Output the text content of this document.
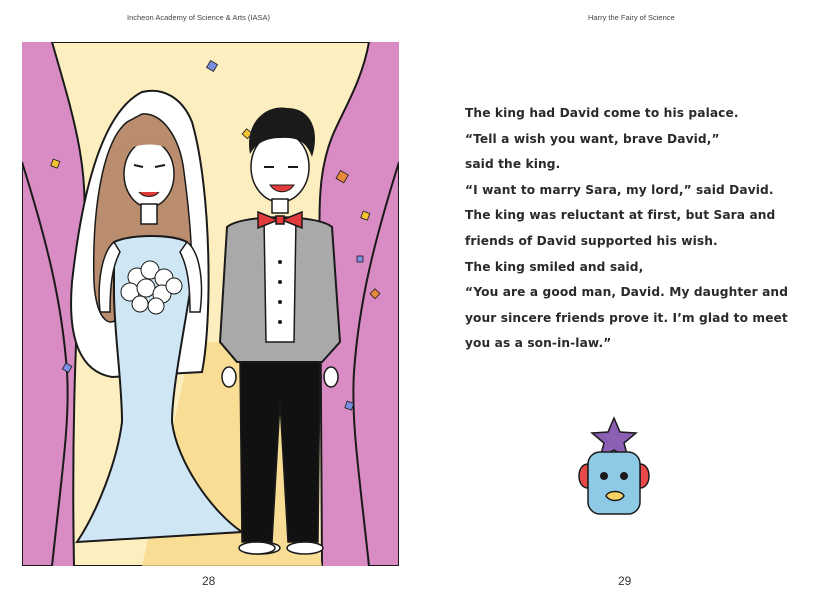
Incheon Academy of Science & Arts (IASA)	Harry the Fairy of Science
28

The king had David come to his palace.

“Tell a wish you want, brave David,”

said the king.

“I want to marry Sara, my lord,” said David.

The king was reluctant at first, but Sara and

friends of David supported his wish.

The king smiled and said,

“You are a good man, David. My daughter and

your sincere friends prove it. I’m glad to meet

you as a son-in-law.”

29
